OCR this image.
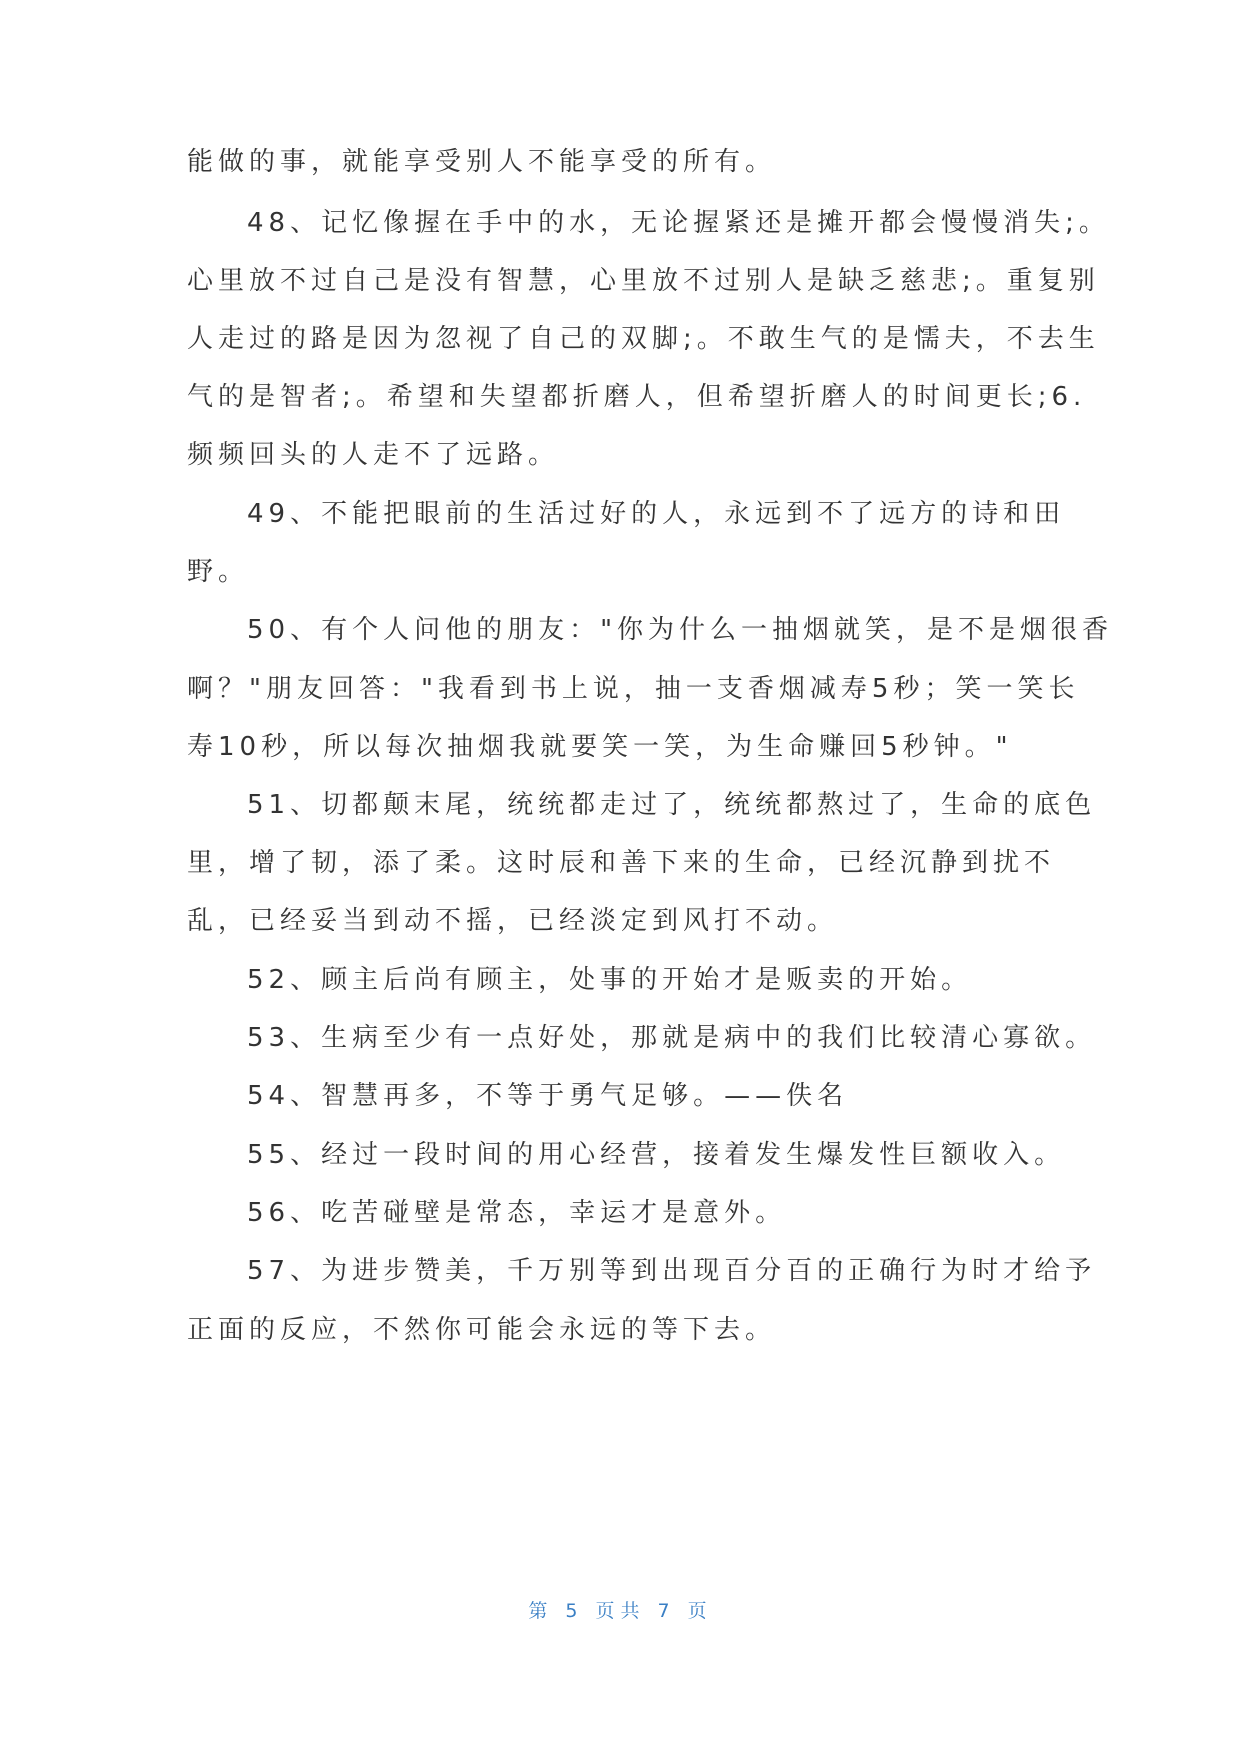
能做的事，就能享受别人不能享受的所有。

48、记忆像握在手中的水，无论握紧还是摊开都会慢慢消失;。

心里放不过自己是没有智慧，心里放不过别人是缺乏慈悲;。重复别

人走过的路是因为忽视了自己的双脚;。不敢生气的是懦夫，不去生

气的是智者;。希望和失望都折磨人，但希望折磨人的时间更长;6.

频频回头的人走不了远路。

49、不能把眼前的生活过好的人，永远到不了远方的诗和田

野。

50、有个人问他的朋友："你为什么一抽烟就笑，是不是烟很香

啊？"朋友回答："我看到书上说，抽一支香烟减寿5秒；笑一笑长

寿10秒，所以每次抽烟我就要笑一笑，为生命赚回5秒钟。"

51、切都颠末尾，统统都走过了，统统都熬过了，生命的底色

里，增了韧，添了柔。这时辰和善下来的生命，已经沉静到扰不

乱，已经妥当到动不摇，已经淡定到风打不动。

52、顾主后尚有顾主，处事的开始才是贩卖的开始。

53、生病至少有一点好处，那就是病中的我们比较清心寡欲。

54、智慧再多，不等于勇气足够。——佚名

55、经过一段时间的用心经营，接着发生爆发性巨额收入。

56、吃苦碰壁是常态，幸运才是意外。

57、为进步赞美，千万别等到出现百分百的正确行为时才给予

正面的反应，不然你可能会永远的等下去。

第 5 页共 7 页
